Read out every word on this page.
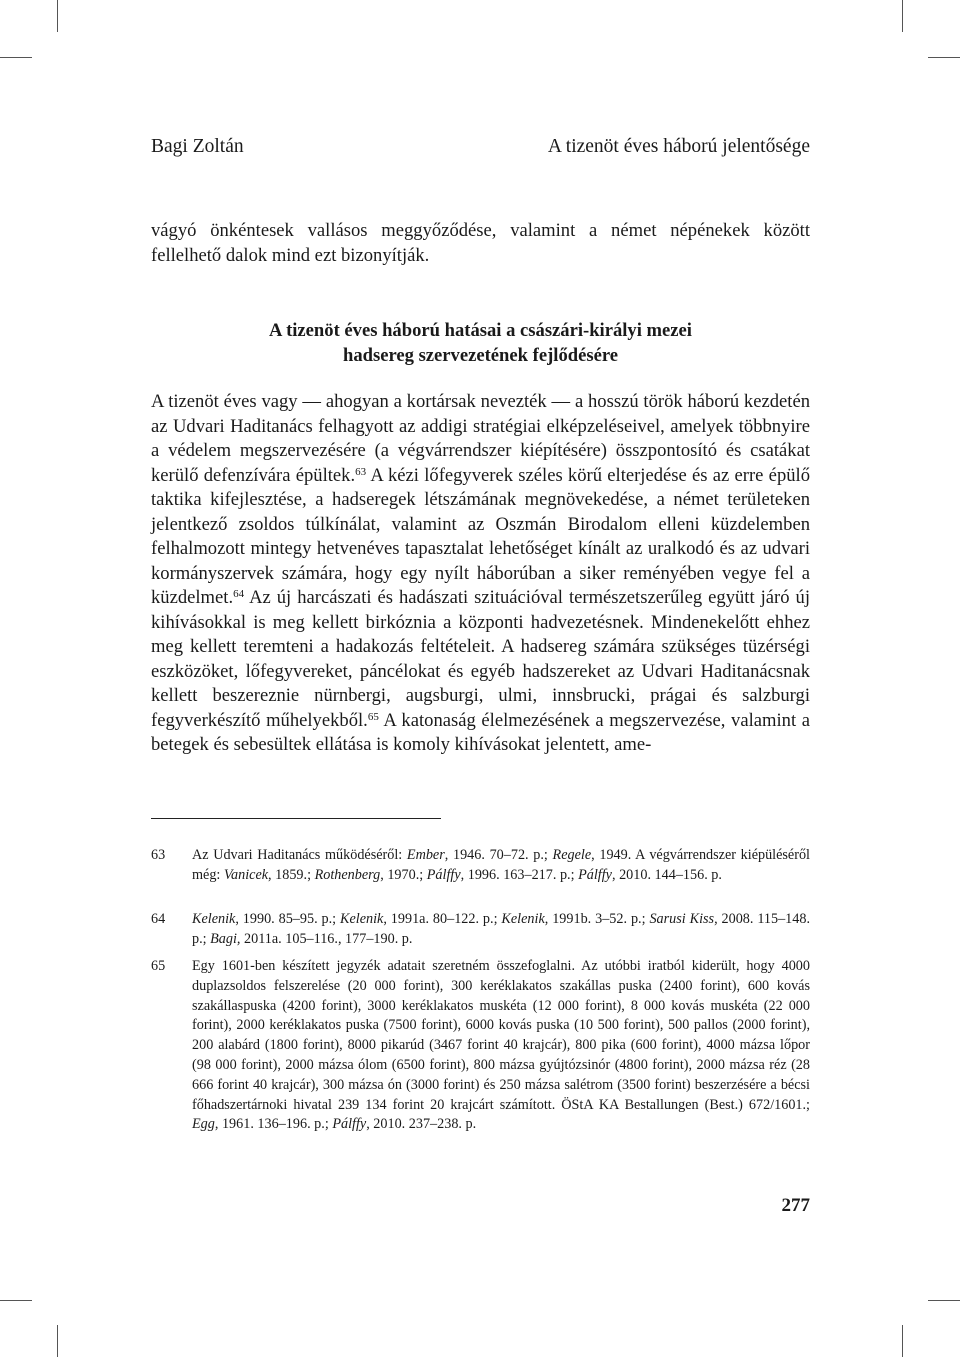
Bagi Zoltán	A tizenöt éves háború jelentősége
vágyó önkéntesek vallásos meggyőződése, valamint a német népénekek között fellelhető dalok mind ezt bizonyítják.
A tizenöt éves háború hatásai a császári-királyi mezei
hadsereg szervezetének fejlődésére
A tizenöt éves vagy — ahogyan a kortársak nevezték — a hosszú török háború kezdetén az Udvari Haditanács felhagyott az addigi stratégiai elképzeléseivel, amelyek többnyire a védelem megszervezésére (a végvárrendszer kiépítésére) összpontosító és csatákat kerülő defenzívára épültek.$^{63}$ A kézi lőfegyverek széles körű elterjedése és az erre épülő taktika kifejlesztése, a hadseregek létszámának megnövekedése, a német területeken jelentkező zsoldos túlkínálat, valamint az Oszmán Birodalom elleni küzdelemben felhalmozott mintegy hetvenéves tapasztalat lehetőséget kínált az uralkodó és az udvari kormányszervek számára, hogy egy nyílt háborúban a siker reményében vegye fel a küzdelmet.$^{64}$ Az új harcászati és hadászati szituációval természetszerűleg együtt járó új kihívásokkal is meg kellett birkóznia a központi hadvezetésnek. Mindenekelőtt ehhez meg kellett teremteni a hadakozás feltételeit. A hadsereg számára szükséges tüzérségi eszközöket, lőfegyvereket, páncélokat és egyéb hadszereket az Udvari Haditanácsnak kellett beszereznie nürnbergi, augsburgi, ulmi, innsbrucki, prágai és salzburgi fegyverkészítő műhelyekből.$^{65}$ A katonaság élelmezésének a megszervezése, valamint a betegek és sebesültek ellátása is komoly kihívásokat jelentett, ame-
63 Az Udvari Haditanács működéséről: Ember, 1946. 70–72. p.; Regele, 1949. A végvárrendszer kiépüléséről még: Vanicek, 1859.; Rothenberg, 1970.; Pálffy, 1996. 163–217. p.; Pálffy, 2010. 144–156. p.
64 Kelenik, 1990. 85–95. p.; Kelenik, 1991a. 80–122. p.; Kelenik, 1991b. 3–52. p.; Sarusi Kiss, 2008. 115–148. p.; Bagi, 2011a. 105–116., 177–190. p.
65 Egy 1601-ben készített jegyzék adatait szeretném összefoglalni. Az utóbbi iratból kiderült, hogy 4000 duplazsoldos felszerelése (20 000 forint), 300 keréklakatos szakállas puska (2400 forint), 600 kovás szakállaspuska (4200 forint), 3000 keréklakatos muskéta (12 000 forint), 8 000 kovás muskéta (22 000 forint), 2000 keréklakatos puska (7500 forint), 6000 kovás puska (10 500 forint), 500 pallos (2000 forint), 200 alabárd (1800 forint), 8000 pikarúd (3467 forint 40 krajcár), 800 pika (600 forint), 4000 mázsa lőpor (98 000 forint), 2000 mázsa ólom (6500 forint), 800 mázsa gyújtózsinór (4800 forint), 2000 mázsa réz (28 666 forint 40 krajcár), 300 mázsa ón (3000 forint) és 250 mázsa salétrom (3500 forint) beszerzésére a bécsi főhadszertárnoki hivatal 239 134 forint 20 krajcárt számított. ÖStA KA Bestallungen (Best.) 672/1601.; Egg, 1961. 136–196. p.; Pálffy, 2010. 237–238. p.
277
